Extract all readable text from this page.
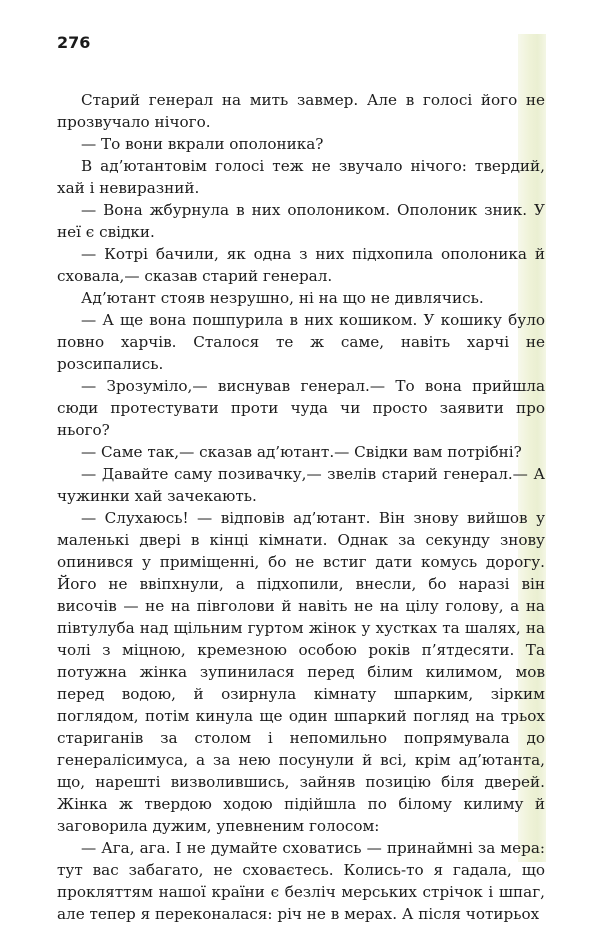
276

Старий генерал на мить завмер. Але в голосі його не прозвучало нічого.

— То вони вкрали ополоника?

В ад’ютантовім голосі теж не звучало нічого: твердий, хай і невиразний.

— Вона жбурнула в них ополоником. Ополоник зник. У неї є свідки.

— Котрі бачили, як одна з них підхопила ополоника й сховала,— сказав старий генерал.

Ад’ютант стояв незрушно, ні на що не дивлячись.

— А ще вона пошпурила в них кошиком. У кошику було повно харчів. Сталося те ж саме, навіть харчі не розсипались.

— Зрозуміло,— виснував генерал.— То вона прийшла сюди протестувати проти чуда чи просто заявити про нього?

— Саме так,— сказав ад’ютант.— Свідки вам потрібні?

— Давайте саму позивачку,— звелів старий генерал.— А чужинки хай зачекають.

— Слухаюсь! — відповів ад’ютант. Він знову вийшов у маленькі двері в кінці кімнати. Однак за секунду знову опинився у приміщенні, бо не встиг дати комусь дорогу. Його не ввіпхнули, а підхопили, внесли, бо наразі він височів — не на півголови й навіть не на цілу голову, а на півтулуба над щільним гуртом жінок у хустках та шалях, на чолі з міцною, кремезною особою років п’ятдесяти. Та потужна жінка зупинилася перед білим килимом, мов перед водою, й озирнула кімнату шпарким, зірким поглядом, потім кинула ще один шпаркий погляд на трьох стариганів за столом і непомильно попрямувала до генералісимуса, а за нею посунули й всі, крім ад’ютанта, що, нарешті визволившись, зайняв позицію біля дверей. Жінка ж твердою ходою підійшла по білому килиму й заговорила дужим, упевненим голосом:

— Ага, ага. І не думайте сховатись — принаймні за мера: тут вас забагато, не сховаєтесь. Колись-то я гадала, що прокляттям нашої країни є безліч мерських стрічок і шпаг, але тепер я переконалася: річ не в мерах. А після чотирьох
